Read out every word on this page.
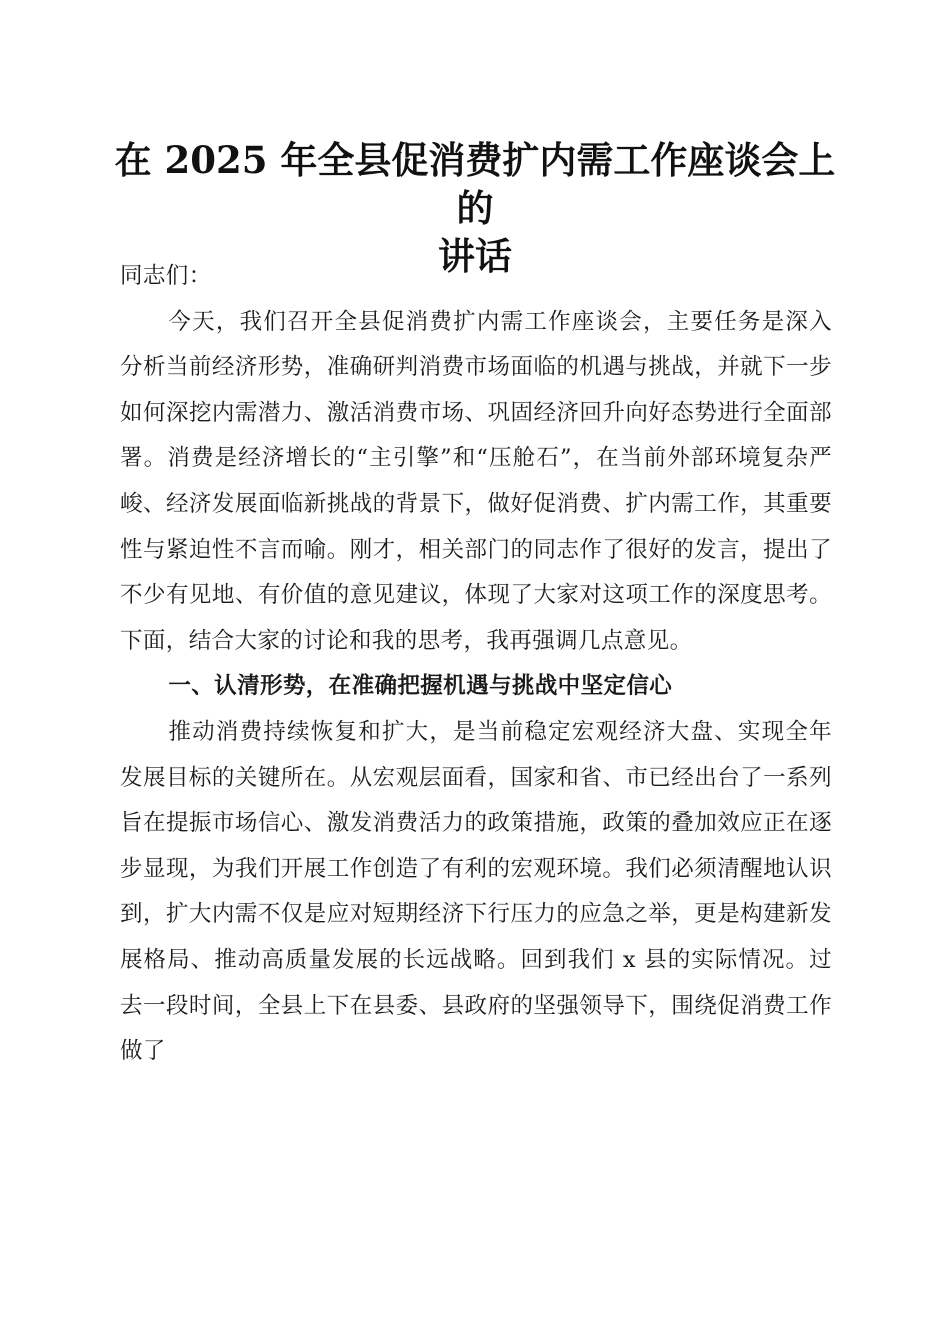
在 2025 年全县促消费扩内需工作座谈会上的
讲话

同志们：

今天，我们召开全县促消费扩内需工作座谈会，主要任务是深入分析当前经济形势，准确研判消费市场面临的机遇与挑战，并就下一步如何深挖内需潜力、激活消费市场、巩固经济回升向好态势进行全面部署。消费是经济增长的“主引擎”和“压舱石”，在当前外部环境复杂严峻、经济发展面临新挑战的背景下，做好促消费、扩内需工作，其重要性与紧迫性不言而喻。刚才，相关部门的同志作了很好的发言，提出了不少有见地、有价值的意见建议，体现了大家对这项工作的深度思考。下面，结合大家的讨论和我的思考，我再强调几点意见。

一、认清形势，在准确把握机遇与挑战中坚定信心

推动消费持续恢复和扩大，是当前稳定宏观经济大盘、实现全年发展目标的关键所在。从宏观层面看，国家和省、市已经出台了一系列旨在提振市场信心、激发消费活力的政策措施，政策的叠加效应正在逐步显现，为我们开展工作创造了有利的宏观环境。我们必须清醒地认识到，扩大内需不仅是应对短期经济下行压力的应急之举，更是构建新发展格局、推动高质量发展的长远战略。回到我们 x 县的实际情况。过去一段时间，全县上下在县委、县政府的坚强领导下，围绕促消费工作做了
